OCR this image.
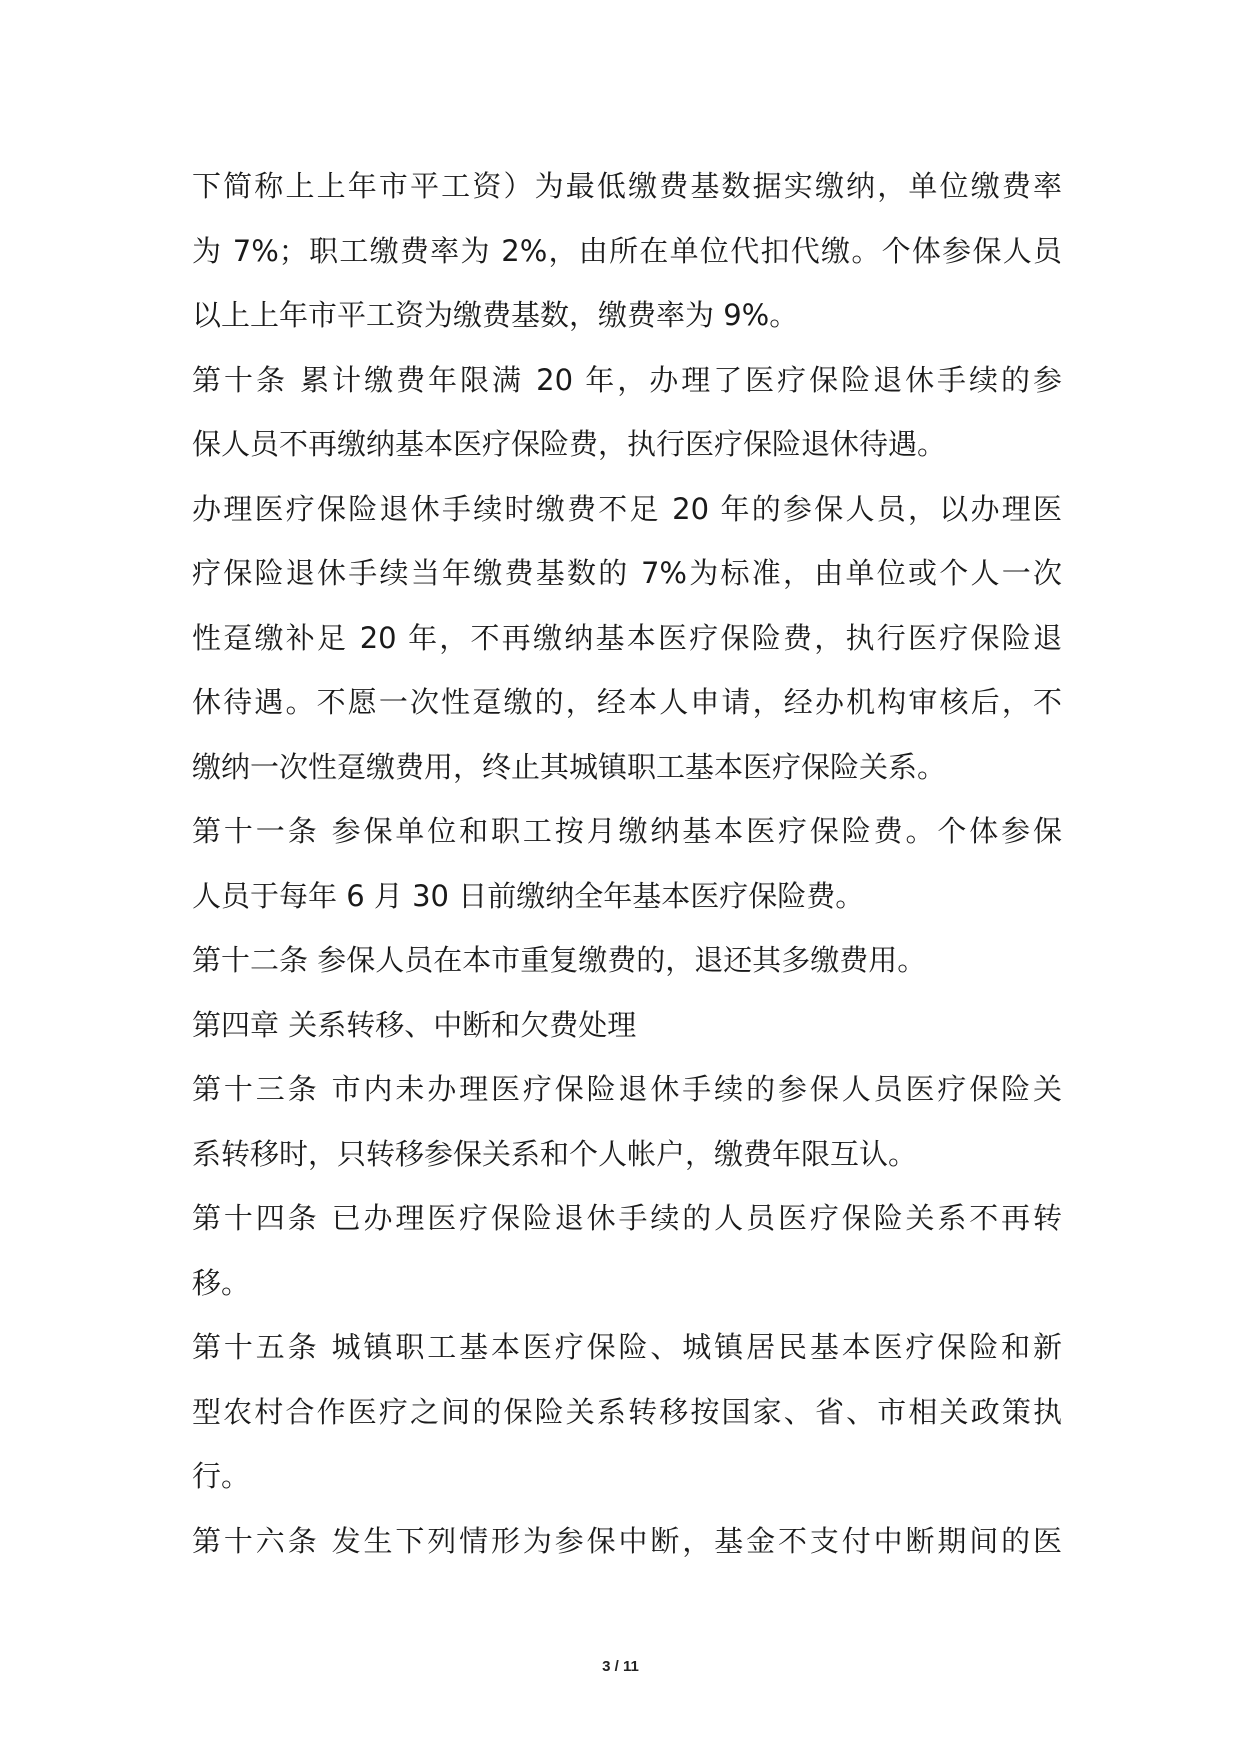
下简称上上年市平工资）为最低缴费基数据实缴纳，单位缴费率
为 7%；职工缴费率为 2%，由所在单位代扣代缴。个体参保人员
以上上年市平工资为缴费基数，缴费率为 9%。
第十条 累计缴费年限满 20 年，办理了医疗保险退休手续的参
保人员不再缴纳基本医疗保险费，执行医疗保险退休待遇。
办理医疗保险退休手续时缴费不足 20 年的参保人员，以办理医
疗保险退休手续当年缴费基数的 7%为标准，由单位或个人一次
性趸缴补足 20 年，不再缴纳基本医疗保险费，执行医疗保险退
休待遇。不愿一次性趸缴的，经本人申请，经办机构审核后，不
缴纳一次性趸缴费用，终止其城镇职工基本医疗保险关系。
第十一条 参保单位和职工按月缴纳基本医疗保险费。个体参保
人员于每年 6 月 30 日前缴纳全年基本医疗保险费。
第十二条 参保人员在本市重复缴费的，退还其多缴费用。
第四章 关系转移、中断和欠费处理
第十三条 市内未办理医疗保险退休手续的参保人员医疗保险关
系转移时，只转移参保关系和个人帐户，缴费年限互认。
第十四条 已办理医疗保险退休手续的人员医疗保险关系不再转
移。
第十五条 城镇职工基本医疗保险、城镇居民基本医疗保险和新
型农村合作医疗之间的保险关系转移按国家、省、市相关政策执
行。
第十六条 发生下列情形为参保中断，基金不支付中断期间的医
3 / 11
